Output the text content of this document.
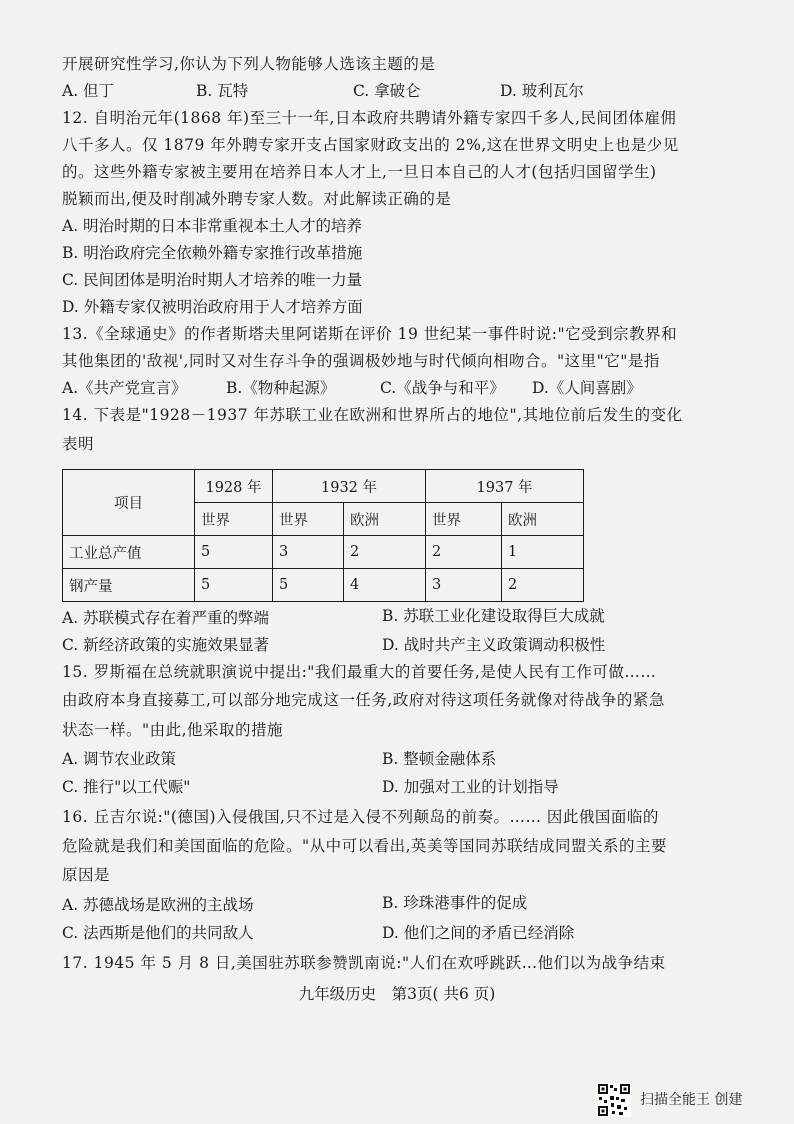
开展研究性学习,你认为下列人物能够人选该主题的是
A. 但丁	B. 瓦特	C. 拿破仑	D. 玻利瓦尔
12. 自明治元年(1868 年)至三十一年,日本政府共聘请外籍专家四千多人,民间团体雇佣
八千多人。仅 1879 年外聘专家开支占国家财政支出的 2%,这在世界文明史上也是少见
的。这些外籍专家被主要用在培养日本人才上,一旦日本自己的人才(包括归国留学生)
脱颖而出,便及时削减外聘专家人数。对此解读正确的是
A. 明治时期的日本非常重视本土人才的培养
B. 明治政府完全依赖外籍专家推行改革措施
C. 民间团体是明治时期人才培养的唯一力量
D. 外籍专家仅被明治政府用于人才培养方面
13.《全球通史》的作者斯塔夫里阿诺斯在评价 19 世纪某一事件时说:"它受到宗教界和
其他集团的'敌视',同时又对生存斗争的强调极妙地与时代倾向相吻合。"这里"它"是指
A.《共产党宣言》	B.《物种起源》	C.《战争与和平》 D.《人间喜剧》
14. 下表是"1928－1937 年苏联工业在欧洲和世界所占的地位",其地位前后发生的变化
表明
项目	1928 年	1932 年		1937 年	
	世界	世界	欧洲	世界	欧洲
工业总产值	5	3	2	2	1
钢产量	5	5	4	3	2
A. 苏联模式存在着严重的弊端	B. 苏联工业化建设取得巨大成就
C. 新经济政策的实施效果显著	D. 战时共产主义政策调动积极性
15. 罗斯福在总统就职演说中提出:"我们最重大的首要任务,是使人民有工作可做……
由政府本身直接募工,可以部分地完成这一任务,政府对待这项任务就像对待战争的紧急
状态一样。"由此,他采取的措施
A. 调节农业政策	B. 整顿金融体系
C. 推行"以工代赈"	D. 加强对工业的计划指导
16. 丘吉尔说:"(德国)入侵俄国,只不过是入侵不列颠岛的前奏。…… 因此俄国面临的
危险就是我们和美国面临的危险。"从中可以看出,英美等国同苏联结成同盟关系的主要
原因是
A. 苏德战场是欧洲的主战场	B. 珍珠港事件的促成
C. 法西斯是他们的共同敌人	D. 他们之间的矛盾已经消除
17. 1945 年 5 月 8 日,美国驻苏联参赞凯南说:"人们在欢呼跳跃…他们以为战争结束
九年级历史　第3页( 共6 页)
扫描全能王 创建
